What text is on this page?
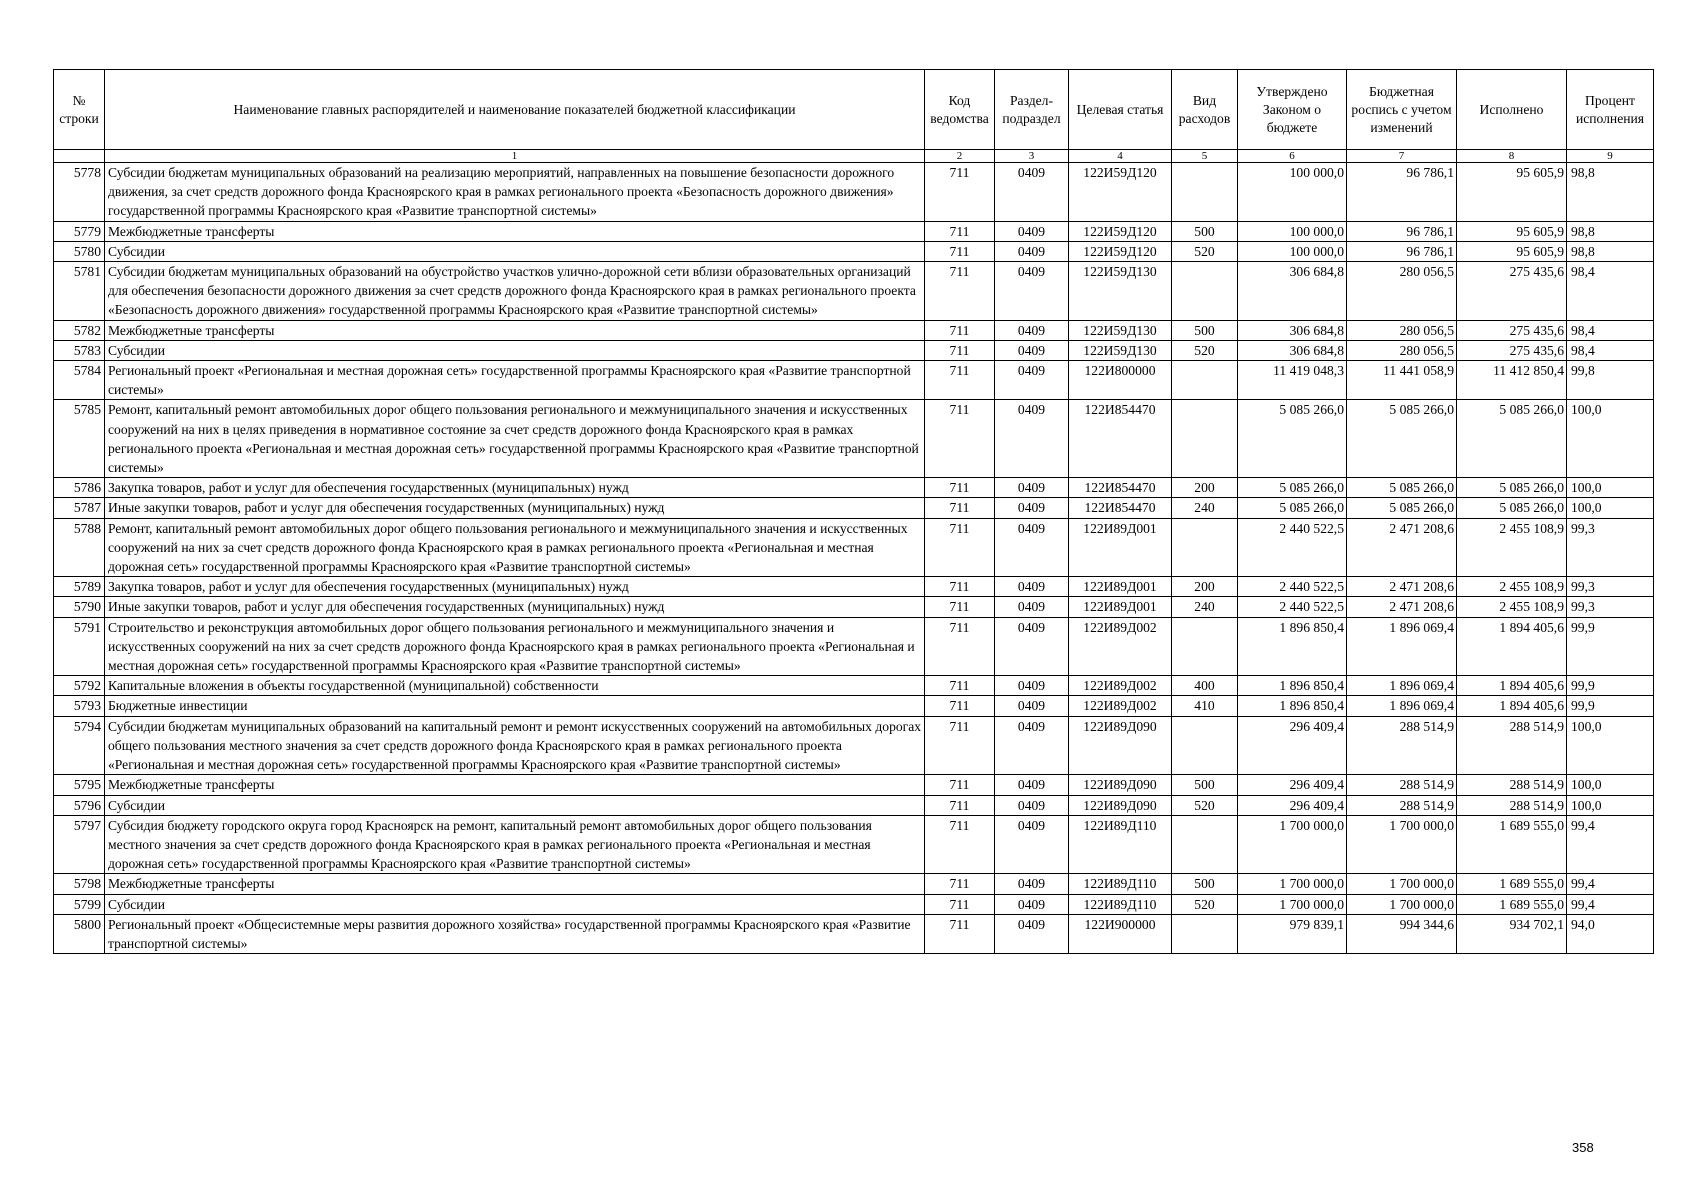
№ строки	Наименование главных распорядителей и наименование показателей бюджетной классификации	Код ведомства	Раздел-подраздел	Целевая статья	Вид расходов	Утверждено Законом о бюджете	Бюджетная роспись с учетом изменений	Исполнено	Процент исполнения
	1	2	3	4	5	6	7	8	9
5778	Субсидии бюджетам муниципальных образований на реализацию мероприятий, направленных на повышение безопасности дорожного движения, за счет средств дорожного фонда Красноярского края в рамках регионального проекта «Безопасность дорожного движения» государственной программы Красноярского края «Развитие транспортной системы»	711	0409	122И59Д120		100 000,0	96 786,1	95 605,9	98,8
5779	Межбюджетные трансферты	711	0409	122И59Д120	500	100 000,0	96 786,1	95 605,9	98,8
5780	Субсидии	711	0409	122И59Д120	520	100 000,0	96 786,1	95 605,9	98,8
5781	Субсидии бюджетам муниципальных образований на обустройство участков улично-дорожной сети вблизи образовательных организаций для обеспечения безопасности дорожного движения за счет средств дорожного фонда Красноярского края в рамках регионального проекта «Безопасность дорожного движения» государственной программы Красноярского края «Развитие транспортной системы»	711	0409	122И59Д130		306 684,8	280 056,5	275 435,6	98,4
5782	Межбюджетные трансферты	711	0409	122И59Д130	500	306 684,8	280 056,5	275 435,6	98,4
5783	Субсидии	711	0409	122И59Д130	520	306 684,8	280 056,5	275 435,6	98,4
5784	Региональный проект «Региональная и местная дорожная сеть» государственной программы Красноярского края «Развитие транспортной системы»	711	0409	122И800000		11 419 048,3	11 441 058,9	11 412 850,4	99,8
5785	Ремонт, капитальный ремонт автомобильных дорог общего пользования регионального и межмуниципального значения и искусственных сооружений на них в целях приведения в нормативное состояние за счет средств дорожного фонда Красноярского края в рамках регионального проекта «Региональная и местная дорожная сеть» государственной программы Красноярского края «Развитие транспортной системы»	711	0409	122И854470		5 085 266,0	5 085 266,0	5 085 266,0	100,0
5786	Закупка товаров, работ и услуг для обеспечения государственных (муниципальных) нужд	711	0409	122И854470	200	5 085 266,0	5 085 266,0	5 085 266,0	100,0
5787	Иные закупки товаров, работ и услуг для обеспечения государственных (муниципальных) нужд	711	0409	122И854470	240	5 085 266,0	5 085 266,0	5 085 266,0	100,0
5788	Ремонт, капитальный ремонт автомобильных дорог общего пользования регионального и межмуниципального значения и искусственных сооружений на них за счет средств дорожного фонда Красноярского края в рамках регионального проекта «Региональная и местная дорожная сеть» государственной программы Красноярского края «Развитие транспортной системы»	711	0409	122И89Д001		2 440 522,5	2 471 208,6	2 455 108,9	99,3
5789	Закупка товаров, работ и услуг для обеспечения государственных (муниципальных) нужд	711	0409	122И89Д001	200	2 440 522,5	2 471 208,6	2 455 108,9	99,3
5790	Иные закупки товаров, работ и услуг для обеспечения государственных (муниципальных) нужд	711	0409	122И89Д001	240	2 440 522,5	2 471 208,6	2 455 108,9	99,3
5791	Строительство и реконструкция автомобильных дорог общего пользования регионального и межмуниципального значения и искусственных сооружений на них за счет средств дорожного фонда Красноярского края в рамках регионального проекта «Региональная и местная дорожная сеть» государственной программы Красноярского края «Развитие транспортной системы»	711	0409	122И89Д002		1 896 850,4	1 896 069,4	1 894 405,6	99,9
5792	Капитальные вложения в объекты государственной (муниципальной) собственности	711	0409	122И89Д002	400	1 896 850,4	1 896 069,4	1 894 405,6	99,9
5793	Бюджетные инвестиции	711	0409	122И89Д002	410	1 896 850,4	1 896 069,4	1 894 405,6	99,9
5794	Субсидии бюджетам муниципальных образований на капитальный ремонт и ремонт искусственных сооружений на автомобильных дорогах общего пользования местного значения за счет средств дорожного фонда Красноярского края в рамках регионального проекта «Региональная и местная дорожная сеть» государственной программы Красноярского края «Развитие транспортной системы»	711	0409	122И89Д090		296 409,4	288 514,9	288 514,9	100,0
5795	Межбюджетные трансферты	711	0409	122И89Д090	500	296 409,4	288 514,9	288 514,9	100,0
5796	Субсидии	711	0409	122И89Д090	520	296 409,4	288 514,9	288 514,9	100,0
5797	Субсидия бюджету городского округа город Красноярск на ремонт, капитальный ремонт автомобильных дорог общего пользования местного значения за счет средств дорожного фонда Красноярского края в рамках регионального проекта «Региональная и местная дорожная сеть» государственной программы Красноярского края «Развитие транспортной системы»	711	0409	122И89Д110		1 700 000,0	1 700 000,0	1 689 555,0	99,4
5798	Межбюджетные трансферты	711	0409	122И89Д110	500	1 700 000,0	1 700 000,0	1 689 555,0	99,4
5799	Субсидии	711	0409	122И89Д110	520	1 700 000,0	1 700 000,0	1 689 555,0	99,4
5800	Региональный проект «Общесистемные меры развития дорожного хозяйства» государственной программы Красноярского края «Развитие транспортной системы»	711	0409	122И900000		979 839,1	994 344,6	934 702,1	94,0
358
